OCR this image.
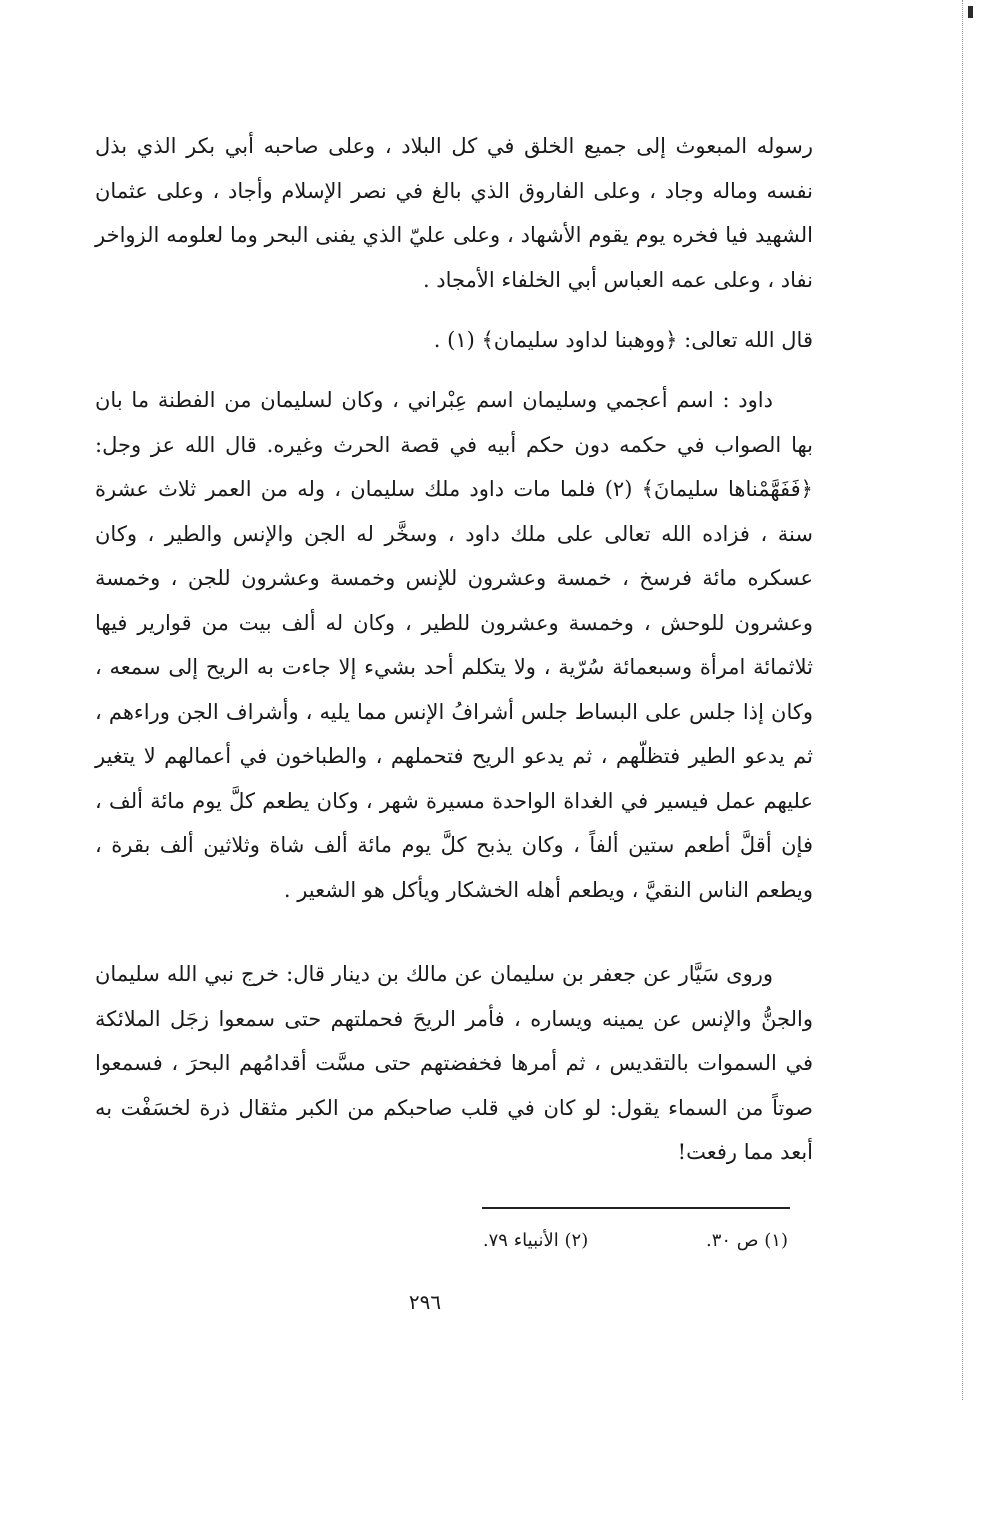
رسوله المبعوث إلى جميع الخلق في كل البلاد ، وعلى صاحبه أبي بكر الذي بذل نفسه وماله وجاد ، وعلى الفاروق الذي بالغ في نصر الإسلام وأجاد ، وعلى عثمان الشهيد فيا فخره يوم يقوم الأشهاد ، وعلى عليّ الذي يفنى البحر وما لعلومه الزواخر نفاد ، وعلى عمه العباس أبي الخلفاء الأمجاد .

قال الله تعالى: ﴿ووهبنا لداود سليمان﴾ (١) .

داود : اسم أعجمي وسليمان اسم عِبْراني ، وكان لسليمان من الفطنة ما بان بها الصواب في حكمه دون حكم أبيه في قصة الحرث وغيره. قال الله عز وجل: ﴿فَفَهَّمْناها سليمانَ﴾ (٢) فلما مات داود ملك سليمان ، وله من العمر ثلاث عشرة سنة ، فزاده الله تعالى على ملك داود ، وسخَّر له الجن والإنس والطير ، وكان عسكره مائة فرسخ ، خمسة وعشرون للإنس وخمسة وعشرون للجن ، وخمسة وعشرون للوحش ، وخمسة وعشرون للطير ، وكان له ألف بيت من قوارير فيها ثلاثمائة امرأة وسبعمائة سُرّية ، ولا يتكلم أحد بشيء إلا جاءت به الريح إلى سمعه ، وكان إذا جلس على البساط جلس أشرافُ الإنس مما يليه ، وأشراف الجن وراءهم ، ثم يدعو الطير فتظلّهم ، ثم يدعو الريح فتحملهم ، والطباخون في أعمالهم لا يتغير عليهم عمل فيسير في الغداة الواحدة مسيرة شهر ، وكان يطعم كلَّ يوم مائة ألف ، فإن أقلَّ أطعم ستين ألفاً ، وكان يذبح كلَّ يوم مائة ألف شاة وثلاثين ألف بقرة ، ويطعم الناس النقيَّ ، ويطعم أهله الخشكار ويأكل هو الشعير .

وروى سَيَّار عن جعفر بن سليمان عن مالك بن دينار قال: خرج نبي الله سليمان والجنُّ والإنس عن يمينه ويساره ، فأمر الريحَ فحملتهم حتى سمعوا زجَل الملائكة في السموات بالتقديس ، ثم أمرها فخفضتهم حتى مسَّت أقدامُهم البحرَ ، فسمعوا صوتاً من السماء يقول: لو كان في قلب صاحبكم من الكبر مثقال ذرة لخسَفْت به أبعد مما رفعت!

(١) ص ٣٠. (٢) الأنبياء ٧٩.
٢٩٦
